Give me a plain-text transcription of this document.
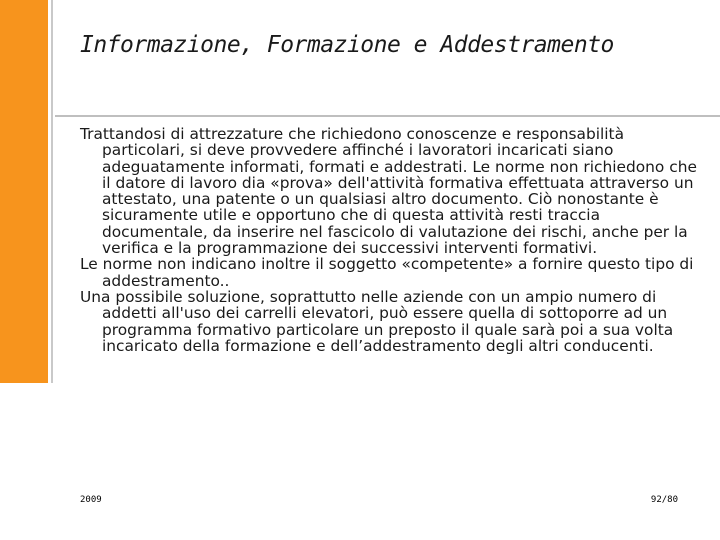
Informazione, Formazione e Addestramento

Trattandosi di attrezzature che richiedono conoscenze e responsabilità particolari, si deve provvedere affinché i lavoratori incaricati siano adeguatamente informati, formati e addestrati. Le norme non richiedono che il datore di lavoro dia «prova» dell'attività formativa effettuata attraverso un attestato, una patente o un qualsiasi altro documento. Ciò nonostante è sicuramente utile e opportuno che di questa attività resti traccia documentale, da inserire nel fascicolo di valutazione dei rischi, anche per la verifica e la programmazione dei successivi interventi formativi.

Le norme non indicano inoltre il soggetto «competente» a fornire questo tipo di addestramento..

Una possibile soluzione, soprattutto nelle aziende con un ampio numero di addetti all'uso dei carrelli elevatori, può essere quella di sottoporre ad un programma formativo particolare un preposto il quale sarà poi a sua volta incaricato della formazione e dell’addestramento degli altri conducenti.

2009	92/80
